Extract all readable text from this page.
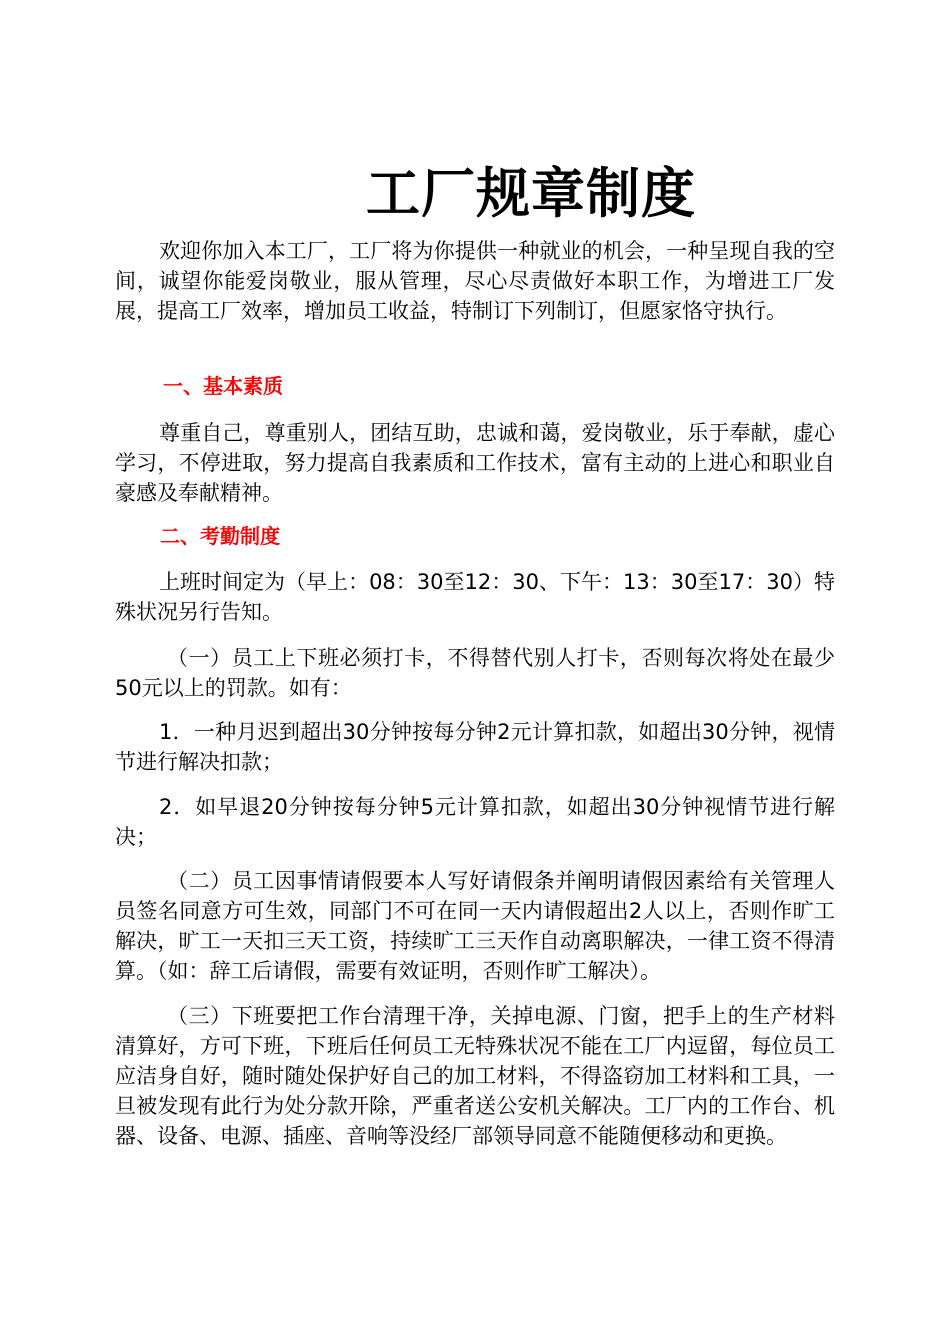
工厂规章制度

欢迎你加入本工厂，工厂将为你提供一种就业的机会，一种呈现自我的空间，诚望你能爱岗敬业，服从管理，尽心尽责做好本职工作，为增进工厂发展，提高工厂效率，增加员工收益，特制订下列制订，但愿家恪守执行。

一、基本素质

尊重自己，尊重别人，团结互助，忠诚和蔼，爱岗敬业，乐于奉献，虚心学习，不停进取，努力提高自我素质和工作技术，富有主动的上进心和职业自豪感及奉献精神。

二、考勤制度

上班时间定为（早上：08：30至12：30、下午：13：30至17：30）特殊状况另行告知。

（一）员工上下班必须打卡，不得替代别人打卡，否则每次将处在最少50元以上的罚款。如有：

1．一种月迟到超出30分钟按每分钟2元计算扣款，如超出30分钟，视情节进行解决扣款；

2．如早退20分钟按每分钟5元计算扣款，如超出30分钟视情节进行解决；

（二）员工因事情请假要本人写好请假条并阐明请假因素给有关管理人员签名同意方可生效，同部门不可在同一天内请假超出2人以上，否则作旷工解决，旷工一天扣三天工资，持续旷工三天作自动离职解决，一律工资不得清算。（如：辞工后请假，需要有效证明，否则作旷工解决）。

（三）下班要把工作台清理干净，关掉电源、门窗，把手上的生产材料清算好，方可下班，下班后任何员工无特殊状况不能在工厂内逗留，每位员工应洁身自好，随时随处保护好自己的加工材料，不得盗窃加工材料和工具，一旦被发现有此行为处分款开除，严重者送公安机关解决。工厂内的工作台、机器、设备、电源、插座、音响等没经厂部领导同意不能随便移动和更换。
